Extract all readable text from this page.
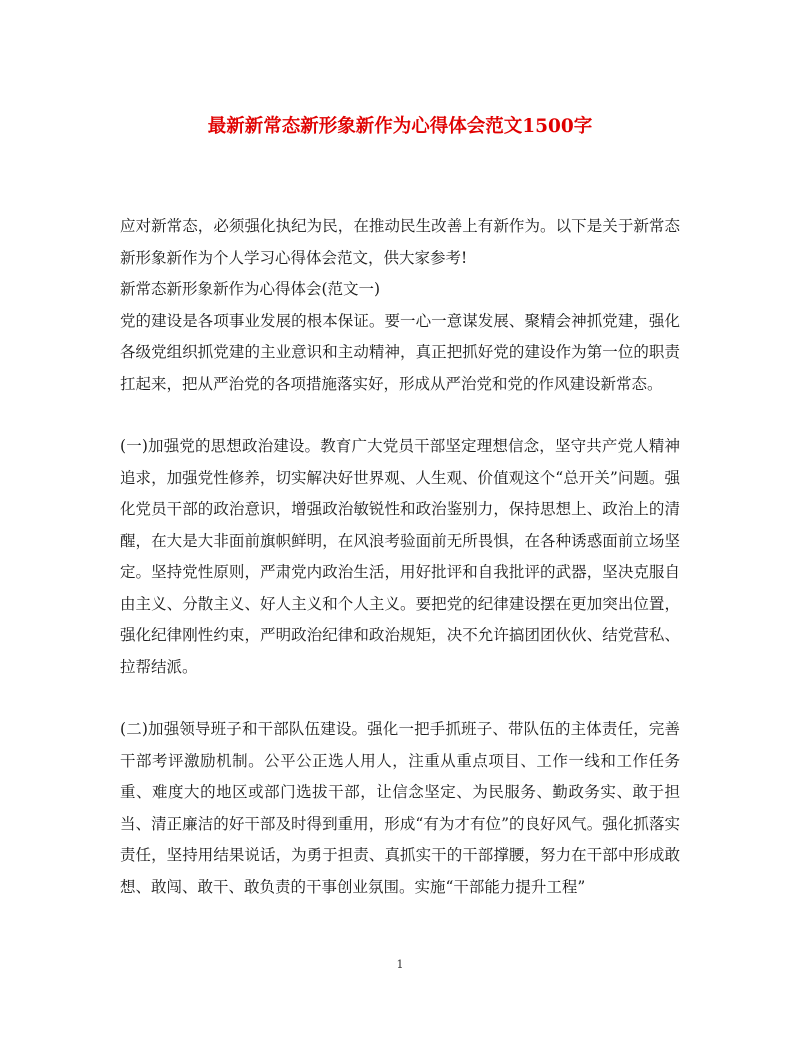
最新新常态新形象新作为心得体会范文1500字

应对新常态，必须强化执纪为民，在推动民生改善上有新作为。以下是关于新常态新形象新作为个人学习心得体会范文，供大家参考!

新常态新形象新作为心得体会(范文一)

党的建设是各项事业发展的根本保证。要一心一意谋发展、聚精会神抓党建，强化各级党组织抓党建的主业意识和主动精神，真正把抓好党的建设作为第一位的职责扛起来，把从严治党的各项措施落实好，形成从严治党和党的作风建设新常态。

(一)加强党的思想政治建设。教育广大党员干部坚定理想信念，坚守共产党人精神追求，加强党性修养，切实解决好世界观、人生观、价值观这个“总开关”问题。强化党员干部的政治意识，增强政治敏锐性和政治鉴别力，保持思想上、政治上的清醒，在大是大非面前旗帜鲜明，在风浪考验面前无所畏惧，在各种诱惑面前立场坚定。坚持党性原则，严肃党内政治生活，用好批评和自我批评的武器，坚决克服自由主义、分散主义、好人主义和个人主义。要把党的纪律建设摆在更加突出位置，强化纪律刚性约束，严明政治纪律和政治规矩，决不允许搞团团伙伙、结党营私、拉帮结派。

(二)加强领导班子和干部队伍建设。强化一把手抓班子、带队伍的主体责任，完善干部考评激励机制。公平公正选人用人，注重从重点项目、工作一线和工作任务重、难度大的地区或部门选拔干部，让信念坚定、为民服务、勤政务实、敢于担当、清正廉洁的好干部及时得到重用，形成“有为才有位”的良好风气。强化抓落实责任，坚持用结果说话，为勇于担责、真抓实干的干部撑腰，努力在干部中形成敢想、敢闯、敢干、敢负责的干事创业氛围。实施“干部能力提升工程”

1
